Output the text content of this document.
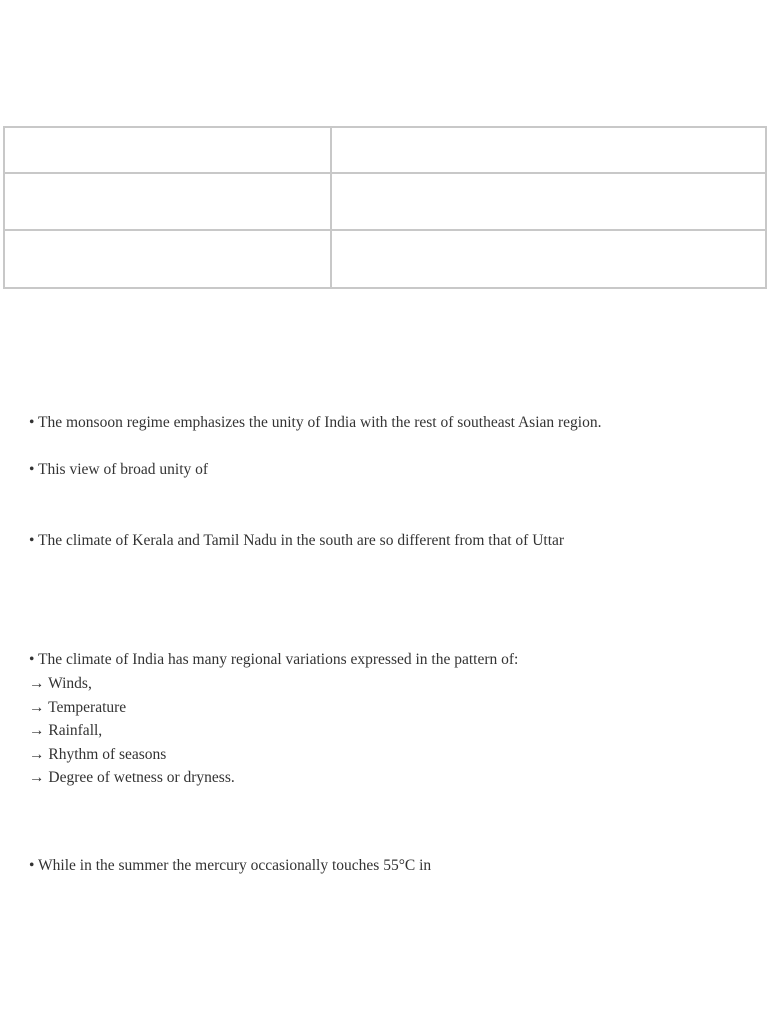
• The monsoon regime emphasizes the unity of India with the rest of southeast Asian region.
• This view of broad unity of
• The climate of Kerala and Tamil Nadu in the south are so different from that of Uttar
• The climate of India has many regional variations expressed in the pattern of:
→ Winds,
→ Temperature
→ Rainfall,
→ Rhythm of seasons
→ Degree of wetness or dryness.
• While in the summer the mercury occasionally touches 55°C in
